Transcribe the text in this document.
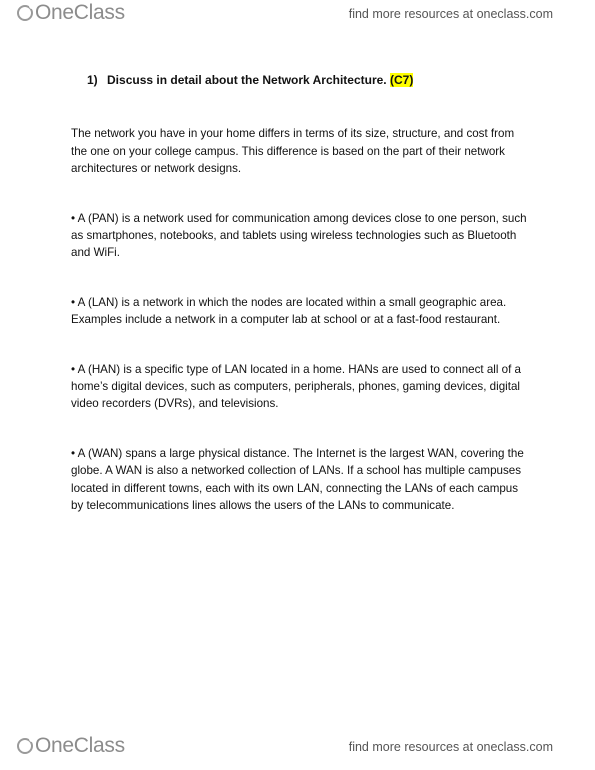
OneClass	find more resources at oneclass.com
1) Discuss in detail about the Network Architecture. (C7)

The network you have in your home differs in terms of its size, structure, and cost from the one on your college campus. This difference is based on the part of their network architectures or network designs.

• A (PAN) is a network used for communication among devices close to one person, such as smartphones, notebooks, and tablets using wireless technologies such as Bluetooth and WiFi.

• A (LAN) is a network in which the nodes are located within a small geographic area. Examples include a network in a computer lab at school or at a fast-food restaurant.

• A (HAN) is a specific type of LAN located in a home. HANs are used to connect all of a home’s digital devices, such as computers, peripherals, phones, gaming devices, digital video recorders (DVRs), and televisions.

• A (WAN) spans a large physical distance. The Internet is the largest WAN, covering the globe. A WAN is also a networked collection of LANs. If a school has multiple campuses located in different towns, each with its own LAN, connecting the LANs of each campus by telecommunications lines allows the users of the LANs to communicate.

OneClass	find more resources at oneclass.com
